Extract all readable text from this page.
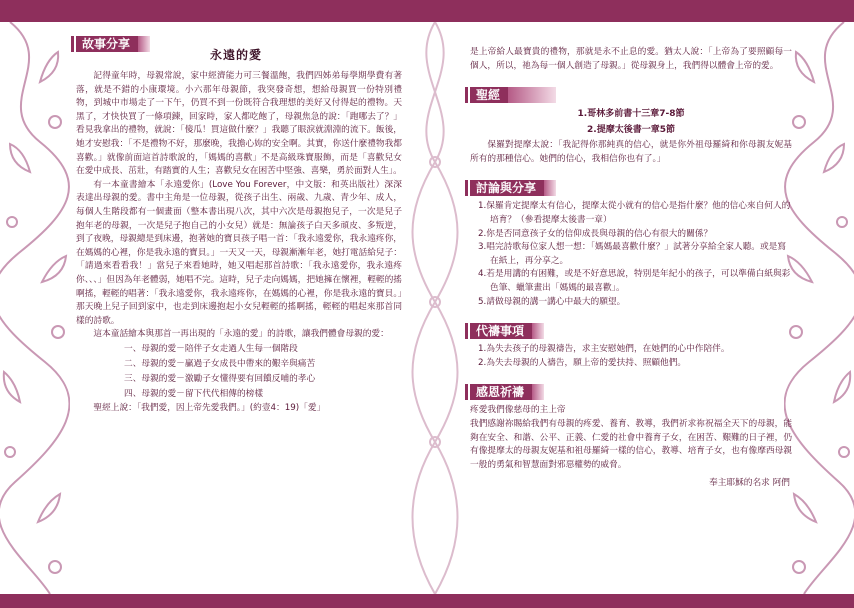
故事分享

記得童年時，母親常說，家中經濟能力可三餐溫飽，我們四姊弟每學期學費有著落，就是不錯的小康環境。小六那年母親節，我突發奇想，想給母親買一份特別禮物，到城中市場走了一下午，仍買不到一份既符合我理想的美好又付得起的禮物。天黑了，才快快買了一條項鍊，回家時，家人都吃飽了，母親焦急的說：「跑哪去了？」看見我拿出的禮物，就說：「傻瓜！買這做什麼？」我聽了眼淚就淵淵的流下。飯後，她才安慰我：「不是禮物不好，那麼晚，我擔心妳的安全啊。其實，你送什麼禮物我都喜歡。」就像前面這首詩歌說的，「媽媽的喜歡」不是高級珠寶服飾，而是「喜歡兒女在愛中成長、茁壯，有踏實的人生；喜歡兒女在困苦中堅強、喜樂，勇於面對人生」。

有一本童書繪本「永遠愛你」(Love You Forever，中文版：和英出版社）深深表達出母親的愛。書中主角是一位母親，從孩子出生、兩歲、九歲、青少年、成人，每個人生階段都有一個畫面（整本書出現八次，其中六次是母親抱兒子，一次是兒子抱年老的母親，一次是兒子抱自己的小女兒）就是：無論孩子白天多頑皮、多叛逆，到了夜晚，母親總是到床邊，抱著她的寶貝孩子唱一首：「我永遠愛你，我永遠疼你，在媽媽的心裡，你是我永遠的寶貝。」一天又一天，母親漸漸年老，她打電話給兒子：「請過來看看我！」當兒子來看她時，她又唱起那首詩歌：「我永遠愛你，我永遠疼你、、、」但因為年老體弱，她唱不完。這時，兒子走向媽媽，把她擁在懷裡，輕輕的搖啊搖，輕輕的唱著：「我永遠愛你，我永遠疼你，在媽媽的心裡，你是我永遠的寶貝。」那天晚上兒子回到家中，也走到床邊抱起小女兒輕輕的搖啊搖，輕輕的唱起來那首同樣的詩歌。

這本童話繪本與那首一再出現的「永遠的愛」的詩歌，讓我們體會母親的愛：

一、母親的愛－陪伴子女走過人生每一個階段
二、母親的愛－贏過子女成長中帶來的艱辛與痛苦
三、母親的愛－激勵子女懂得要有回饋反哺的孝心
四、母親的愛－留下代代相傳的榜樣

聖經上說：「我們愛，因上帝先愛我們。」(約壹4：19)「愛」

永遠的愛	是上帝給人最寶貴的禮物，那就是永不止息的愛。猶太人說：「上帝為了要照顧每一個人，所以，祂為每一個人創造了母親。」從母親身上，我們得以體會上帝的愛。

聖經
1.哥林多前書十三章7-8節
2.提摩太後書一章5節

保羅對提摩太說：「我記得你那純真的信心，就是你外祖母羅綺和你母親友妮基所有的那種信心。她們的信心，我相信你也有了。」

討論與分享
1.保羅肯定提摩太有信心，提摩太從小就有的信心是指什麼？他的信心來自何人的培育？（參看提摩太後書一章）
2.你是否同意孩子女的信仰成長與母親的信心有很大的關係？
3.唱完詩歌每位家人想一想：「媽媽最喜歡什麼？」試著分享給全家人聽。或是寫在紙上，再分享之。
4.若是用講的有困難，或是不好意思說，特別是年紀小的孩子，可以準備白紙與彩色筆、蠟筆畫出「媽媽的最喜歡」。
5.請做母親的講一講心中最大的願望。
代禱事項
1.為失去孩子的母親禱告，求主安慰她們，在她們的心中作陪伴。
2.為失去母親的人禱告，願上帝的愛扶持、照顧他們。
感恩祈禱

疼愛我們像慈母的主上帝

我們感謝祢賜給我們有母親的疼愛、養育、教導，我們祈求祢祝福全天下的母親，能夠在安全、和諧、公平、正義、仁愛的社會中養育子女，在困苦、艱難的日子裡，仍有像提摩太的母親友妮基和祖母羅綺一樣的信心，教導、培育子女，也有像摩西母親一般的勇氣和智慧面對邪惡權勢的威脅。

奉主耶穌的名求 阿們
